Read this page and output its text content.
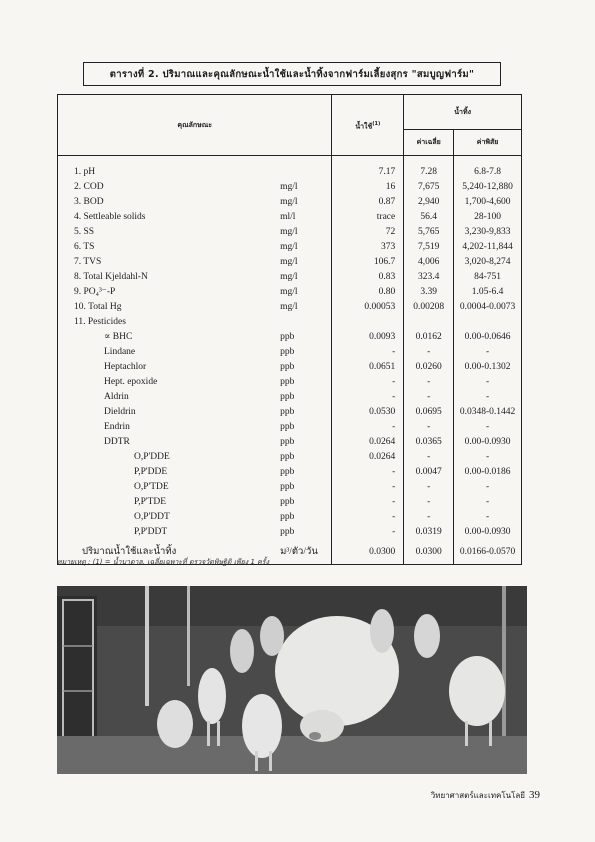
ตารางที่ 2. ปริมาณและคุณลักษณะน้ำใช้และน้ำทิ้งจากฟาร์มเลี้ยงสุกร "สมบูญฟาร์ม"
คุณลักษณะ		น้ำใช้$^{(1)}$	น้ำทิ้ง	
			ค่าเฉลี่ย	ค่าพิสัย
1. pH		7.17	7.28	6.8-7.8
2. COD	mg/l	16	7,675	5,240-12,880
3. BOD	mg/l	0.87	2,940	1,700-4,600
4. Settleable solids	ml/l	trace	56.4	28-100
5. SS	mg/l	72	5,765	3,230-9,833
6. TS	mg/l	373	7,519	4,202-11,844
7. TVS	mg/l	106.7	4,006	3,020-8,274
8. Total Kjeldahl-N	mg/l	0.83	323.4	84-751
9. PO₄³⁻-P	mg/l	0.80	3.39	1.05-6.4
10. Total Hg	mg/l	0.00053	0.00208	0.0004-0.0073
11. Pesticides				
∝ BHC	ppb	0.0093	0.0162	0.00-0.0646
Lindane	ppb	-	-	-
Heptachlor	ppb	0.0651	0.0260	0.00-0.1302
Hept. epoxide	ppb	-	-	-
Aldrin	ppb	-	-	-
Dieldrin	ppb	0.0530	0.0695	0.0348-0.1442
Endrin	ppb	-	-	-
DDTR	ppb	0.0264	0.0365	0.00-0.0930
O,P'DDE	ppb	0.0264	-	-
P,P'DDE	ppb	-	0.0047	0.00-0.0186
O,P'TDE	ppb	-	-	-
P,P'TDE	ppb	-	-	-
O,P'DDT	ppb	-	-	-
P,P'DDT	ppb	-	0.0319	0.00-0.0930
ปริมาณน้ำใช้และน้ำทิ้ง	ม³/ตัว/วัน	0.0300	0.0300	0.0166-0.0570
หมายเหตุ : (1) = น้ำบาดาล, เฉลี่ยเฉพาะที่ ตรวจวัดพิษฐิติ เพียง 1 ครั้ง
วิทยาศาสตร์และเทคโนโลยี 39
